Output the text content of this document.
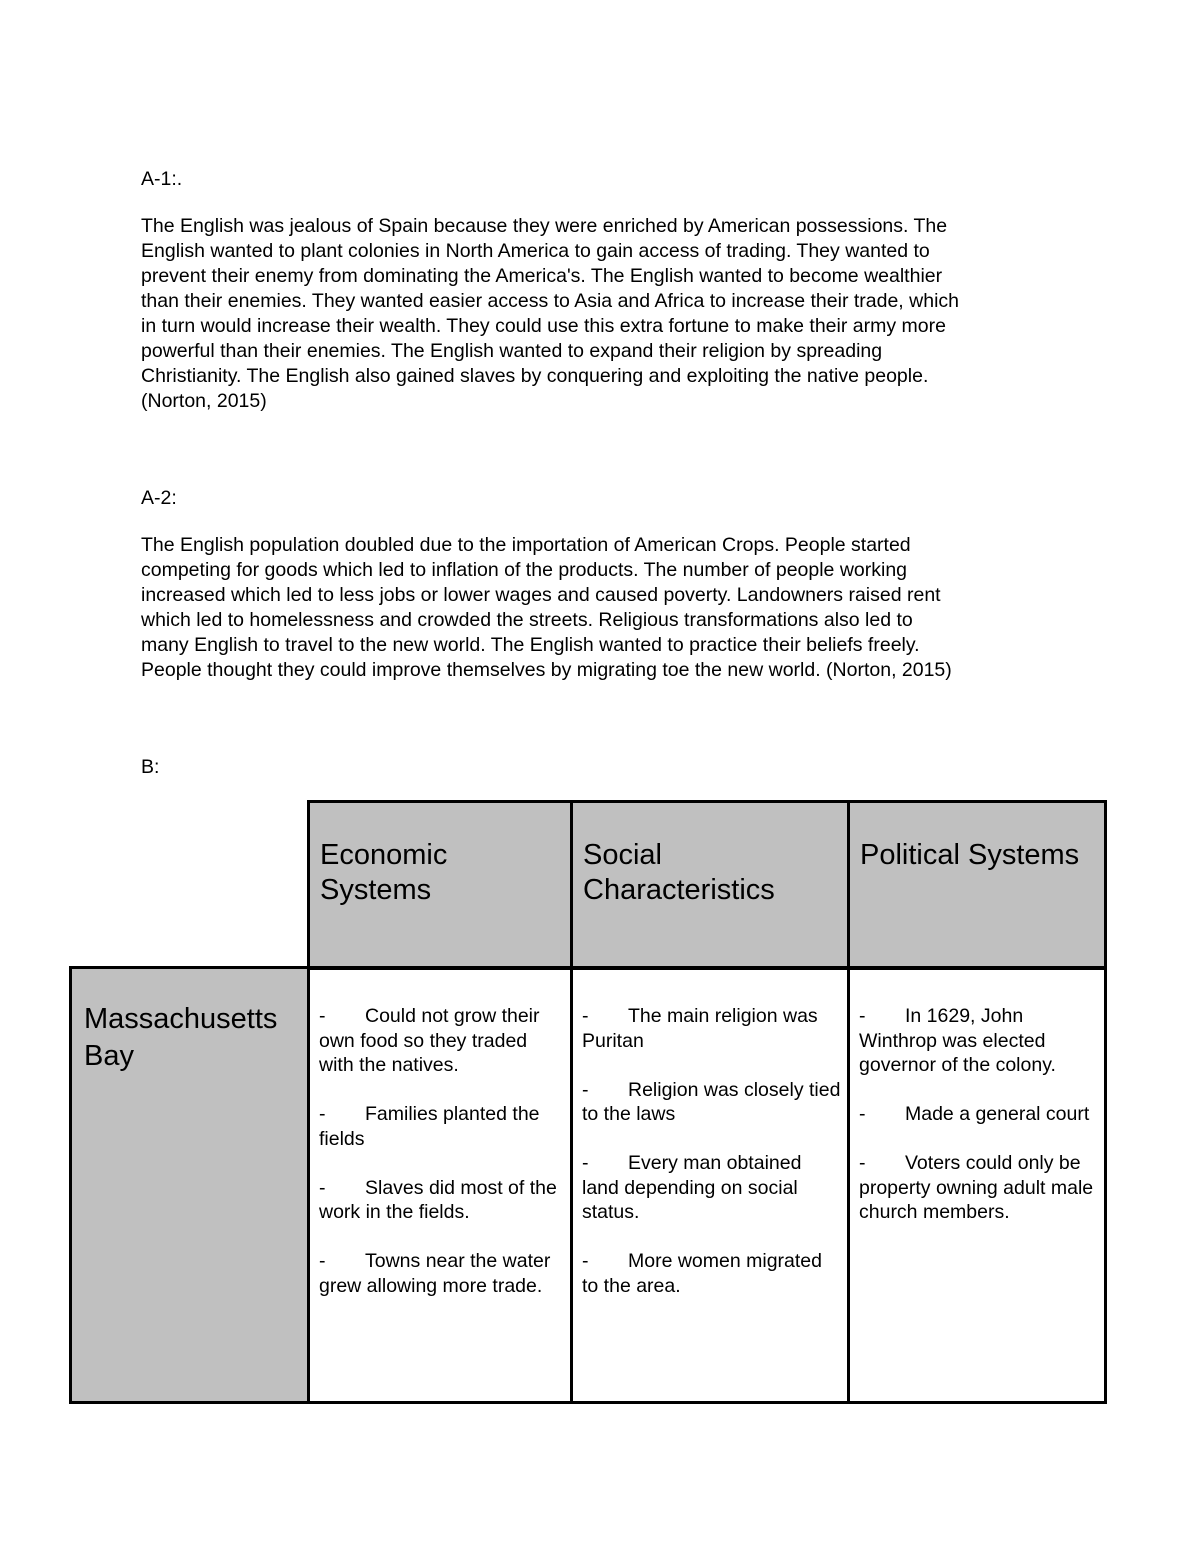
A-1:.

The English was jealous of Spain because they were enriched by American possessions. The
English wanted to plant colonies in North America to gain access of trading. They wanted to
prevent their enemy from dominating the America's. The English wanted to become wealthier
than their enemies. They wanted easier access to Asia and Africa to increase their trade, which
in turn would increase their wealth. They could use this extra fortune to make their army more
powerful than their enemies. The English wanted to expand their religion by spreading
Christianity. The English also gained slaves by conquering and exploiting the native people.
(Norton, 2015)

A-2:

The English population doubled due to the importation of American Crops. People started
competing for goods which led to inflation of the products. The number of people working
increased which led to less jobs or lower wages and caused poverty. Landowners raised rent
which led to homelessness and crowded the streets. Religious transformations also led to
many English to travel to the new world. The English wanted to practice their beliefs freely.
People thought they could improve themselves by migrating toe the new world. (Norton, 2015)

B:

Economic Systems
Social Characteristics
Political Systems
Massachusetts Bay
- Could not grow their own food so they traded with the natives.
- Families planted the fields
- Slaves did most of the work in the fields.
- Towns near the water grew allowing more trade.
- The main religion was Puritan
- Religion was closely tied to the laws
- Every man obtained land depending on social status.
- More women migrated to the area.
- In 1629, John Winthrop was elected governor of the colony.
- Made a general court
- Voters could only be property owning adult male church members.
